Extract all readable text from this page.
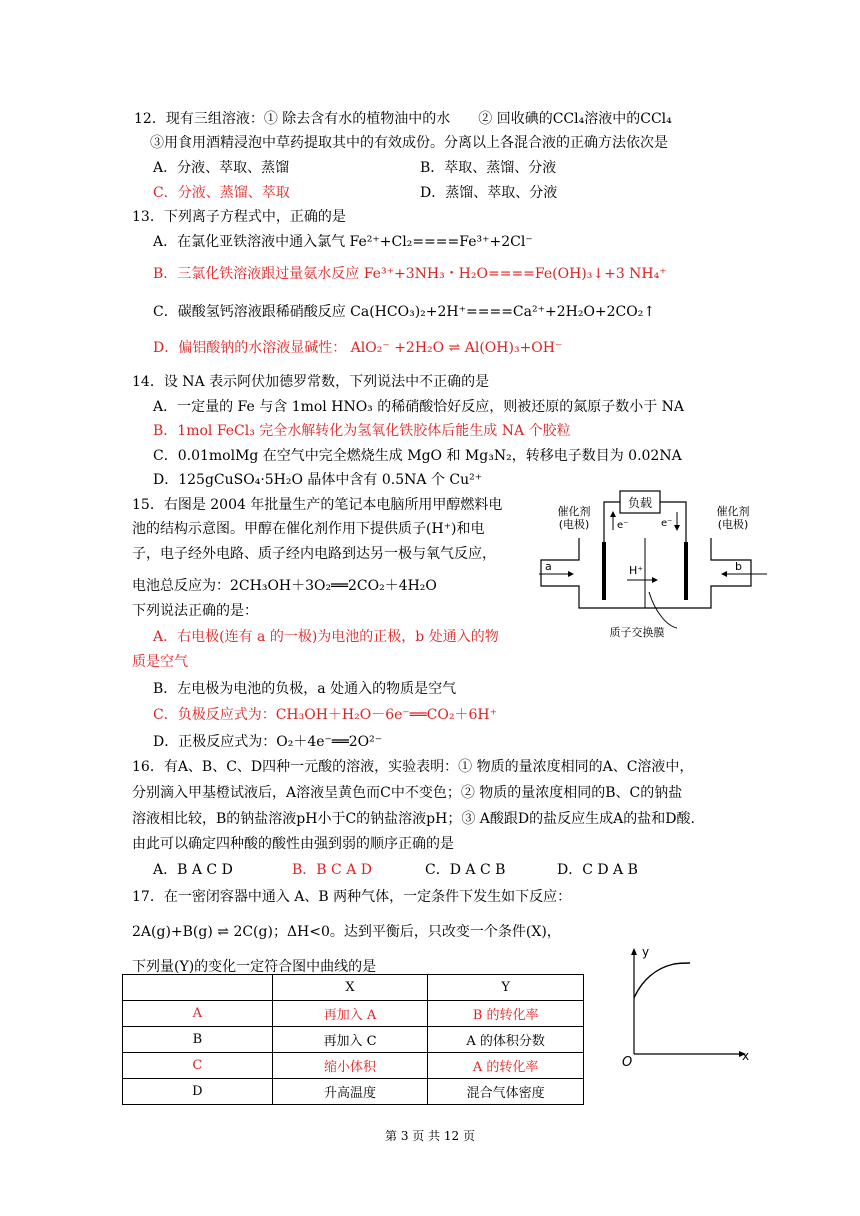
12．现有三组溶液：① 除去含有水的植物油中的水　　② 回收碘的CCl₄溶液中的CCl₄
③用食用酒精浸泡中草药提取其中的有效成份。分离以上各混合液的正确方法依次是
A．分液、萃取、蒸馏	B．萃取、蒸馏、分液
C．分液、蒸馏、萃取	D．蒸馏、萃取、分液
13．下列离子方程式中，正确的是
A．在氯化亚铁溶液中通入氯气 Fe²⁺+Cl₂====Fe³⁺+2Cl⁻
B．三氯化铁溶液跟过量氨水反应 Fe³⁺+3NH₃・H₂O====Fe(OH)₃↓+3 NH₄⁺
C．碳酸氢钙溶液跟稀硝酸反应 Ca(HCO₃)₂+2H⁺====Ca²⁺+2H₂O+2CO₂↑
D．偏铝酸钠的水溶液显碱性： AlO₂⁻ +2H₂O ⇌ Al(OH)₃+OH⁻
14．设 NA 表示阿伏加德罗常数，下列说法中不正确的是
A．一定量的 Fe 与含 1mol HNO₃ 的稀硝酸恰好反应，则被还原的氮原子数小于 NA
B．1mol FeCl₃ 完全水解转化为氢氧化铁胶体后能生成 NA 个胶粒
C．0.01molMg 在空气中完全燃烧生成 MgO 和 Mg₃N₂，转移电子数目为 0.02NA
D．125gCuSO₄·5H₂O 晶体中含有 0.5NA 个 Cu²⁺
15．右图是 2004 年批量生产的笔记本电脑所用甲醇燃料电
池的结构示意图。甲醇在催化剂作用下提供质子(H⁺)和电
子，电子经外电路、质子经内电路到达另一极与氧气反应，
电池总反应为：2CH₃OH＋3O₂══2CO₂＋4H₂O
下列说法正确的是：
A．右电极(连有 a 的一极)为电池的正极，b 处通入的物
质是空气
B．左电极为电池的负极，a 处通入的物质是空气
C．负极反应式为：CH₃OH＋H₂O－6e⁻══CO₂＋6H⁺
D．正极反应式为：O₂＋4e⁻══2O²⁻
负载
e⁻	e⁻
催化剂
(电极)
催化剂
(电极)
H⁺
a	b
质子交换膜
16．有A、B、C、D四种一元酸的溶液，实验表明：① 物质的量浓度相同的A、C溶液中，
分别滴入甲基橙试液后，A溶液呈黄色而C中不变色；② 物质的量浓度相同的B、C的钠盐
溶液相比较，B的钠盐溶液pH小于C的钠盐溶液pH；③ A酸跟D的盐反应生成A的盐和D酸.
由此可以确定四种酸的酸性由强到弱的顺序正确的是
A．B A C D	B．B C A D	C．D A C B	D．C D A B
17．在一密闭容器中通入 A、B 两种气体，一定条件下发生如下反应：
2A(g)+B(g) ⇌ 2C(g)；ΔH<0。达到平衡后，只改变一个条件(X)，
下列量(Y)的变化一定符合图中曲线的是
	X	Y
A	再加入 A	B 的转化率
B	再加入 C	A 的体积分数
C	缩小体积	A 的转化率
D	升高温度	混合气体密度
y
x
O
第 3 页 共 12 页
